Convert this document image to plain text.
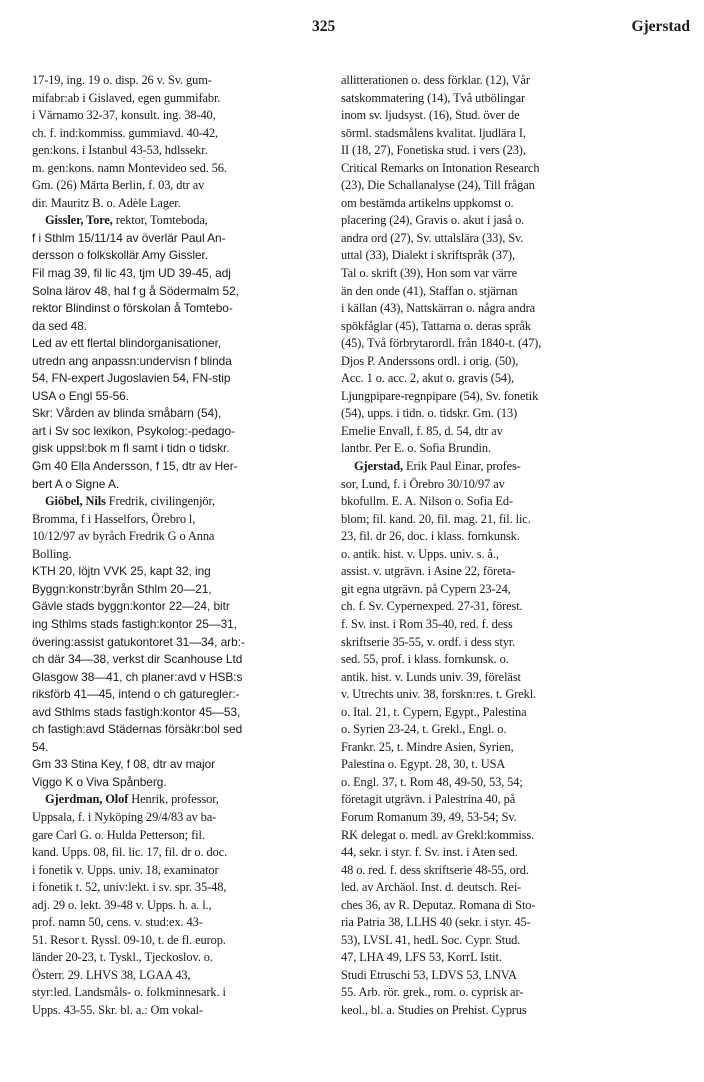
325	Gjerstad
17-19, ing. 19 o. disp. 26 v. Sv. gum-
mifabr:ab i Gislaved, egen gummifabr.
i Värnamo 32-37, konsult. ing. 38-40,
ch. f. ind:kommiss. gummiavd. 40-42,
gen:kons. i Istanbul 43-53, hdlssekr.
m. gen:kons. namn Montevideo sed. 56.
Gm. (26) Märta Berlin, f. 03, dtr av
dir. Mauritz B. o. Adèle Lager.
Gissler, Tore, rektor, Tomteboda,
f i Sthlm 15/11/14 av överlär Paul An-
dersson o folkskollär Amy Gissler.
Fil mag 39, fil lic 43, tjm UD 39-45, adj
Solna lärov 48, hal f g å Södermalm 52,
rektor Blindinst o förskolan å Tomtebo-
da sed 48.
Led av ett flertal blindorganisationer,
utredn ang anpassn:undervisn f blinda
54, FN-expert Jugoslavien 54, FN-stip
USA o Engl 55-56.
Skr: Vården av blinda småbarn (54),
art i Sv soc lexikon, Psykolog:-pedago-
gisk uppsl:bok m fl samt i tidn o tidskr.
Gm 40 Ella Andersson, f 15, dtr av Her-
bert A o Signe A.
Giöbel, Nils Fredrik, civilingenjör,
Bromma, f i Hasselfors, Örebro l,
10/12/97 av byråch Fredrik G o Anna
Bolling.
KTH 20, löjtn VVK 25, kapt 32, ing
Byggn:konstr:byrån Sthlm 20—21,
Gävle stads byggn:kontor 22—24, bitr
ing Sthlms stads fastigh:kontor 25—31,
övering:assist gatukontoret 31—34, arb:-
ch där 34—38, verkst dir Scanhouse Ltd
Glasgow 38—41, ch planer:avd v HSB:s
riksförb 41—45, intend o ch gaturegler:-
avd Sthlms stads fastigh:kontor 45—53,
ch fastigh:avd Städernas försäkr:bol sed
54.
Gm 33 Stina Key, f 08, dtr av major
Viggo K o Viva Spånberg.
Gjerdman, Olof Henrik, professor,
Uppsala, f. i Nyköping 29/4/83 av ba-
gare Carl G. o. Hulda Petterson; fil.
kand. Upps. 08, fil. lic. 17, fil. dr o. doc.
i fonetik v. Upps. univ. 18, examinator
i fonetik t. 52, univ:lekt. i sv. spr. 35-48,
adj. 29 o. lekt. 39-48 v. Upps. h. a. l.,
prof. namn 50, cens. v. stud:ex. 43-
51. Resor t. Ryssl. 09-10, t. de fl. europ.
länder 20-23, t. Tyskl., Tjeckoslov. o.
Österr. 29. LHVS 38, LGAA 43,
styr:led. Landsmåls- o. folkminnesark. i
Upps. 43-55. Skr. bl. a.: Om vokal-
allitterationen o. dess förklar. (12), Vår
satskommatering (14), Två utbölingar
inom sv. ljudsyst. (16), Stud. över de
sörml. stadsmålens kvalitat. ljudlära I,
II (18, 27), Fonetiska stud. i vers (23),
Critical Remarks on Intonation Research
(23), Die Schallanalyse (24), Till frågan
om bestämda artikelns uppkomst o.
placering (24), Gravis o. akut i jaså o.
andra ord (27), Sv. uttalslära (33), Sv.
uttal (33), Dialekt i skriftspråk (37),
Tal o. skrift (39), Hon som var värre
än den onde (41), Staffan o. stjärnan
i källan (43), Nattskärran o. några andra
spökfåglar (45), Tattarna o. deras språk
(45), Två förbrytarordl. från 1840-t. (47),
Djos P. Anderssons ordl. i orig. (50),
Acc. 1 o. acc. 2, akut o. gravis (54),
Ljungpipare-regnpipare (54), Sv. fonetik
(54), upps. i tidn. o. tidskr. Gm. (13)
Emelie Envall, f. 85, d. 54, dtr av
lantbr. Per E. o. Sofia Brundin.
Gjerstad, Erik Paul Einar, profes-
sor, Lund, f. i Örebro 30/10/97 av
bkofullm. E. A. Nilson o. Sofia Ed-
blom; fil. kand. 20, fil. mag. 21, fil. lic.
23, fil. dr 26, doc. i klass. fornkunsk.
o. antik. hist. v. Upps. univ. s. å.,
assist. v. utgrävn. i Asine 22, företa-
git egna utgrävn. på Cypern 23-24,
ch. f. Sv. Cypernexped. 27-31, förest.
f. Sv. inst. i Rom 35-40, red. f. dess
skriftserie 35-55, v. ordf. i dess styr.
sed. 55, prof. i klass. fornkunsk. o.
antik. hist. v. Lunds univ. 39, föreläst
v. Utrechts univ. 38, forskn:res. t. Grekl.
o. Ital. 21, t. Cypern, Egypt., Palestina
o. Syrien 23-24, t. Grekl., Engl. o.
Frankr. 25, t. Mindre Asien, Syrien,
Palestina o. Egypt. 28, 30, t. USA
o. Engl. 37, t. Rom 48, 49-50, 53, 54;
företagit utgrävn. i Palestrina 40, på
Forum Romanum 39, 49, 53-54; Sv.
RK delegat o. medl. av Grekl:kommiss.
44, sekr. i styr. f. Sv. inst. i Aten sed.
48 o. red. f. dess skriftserie 48-55, ord.
led. av Archäol. Inst. d. deutsch. Rei-
ches 36, av R. Deputaz. Romana di Sto-
ria Patria 38, LLHS 40 (sekr. i styr. 45-
53), LVSL 41, hedL Soc. Cypr. Stud.
47, LHA 49, LFS 53, KorrL Istit.
Studi Etruschi 53, LDVS 53, LNVA
55. Arb. rör. grek., rom. o. cyprisk ar-
keol., bl. a. Studies on Prehist. Cyprus
